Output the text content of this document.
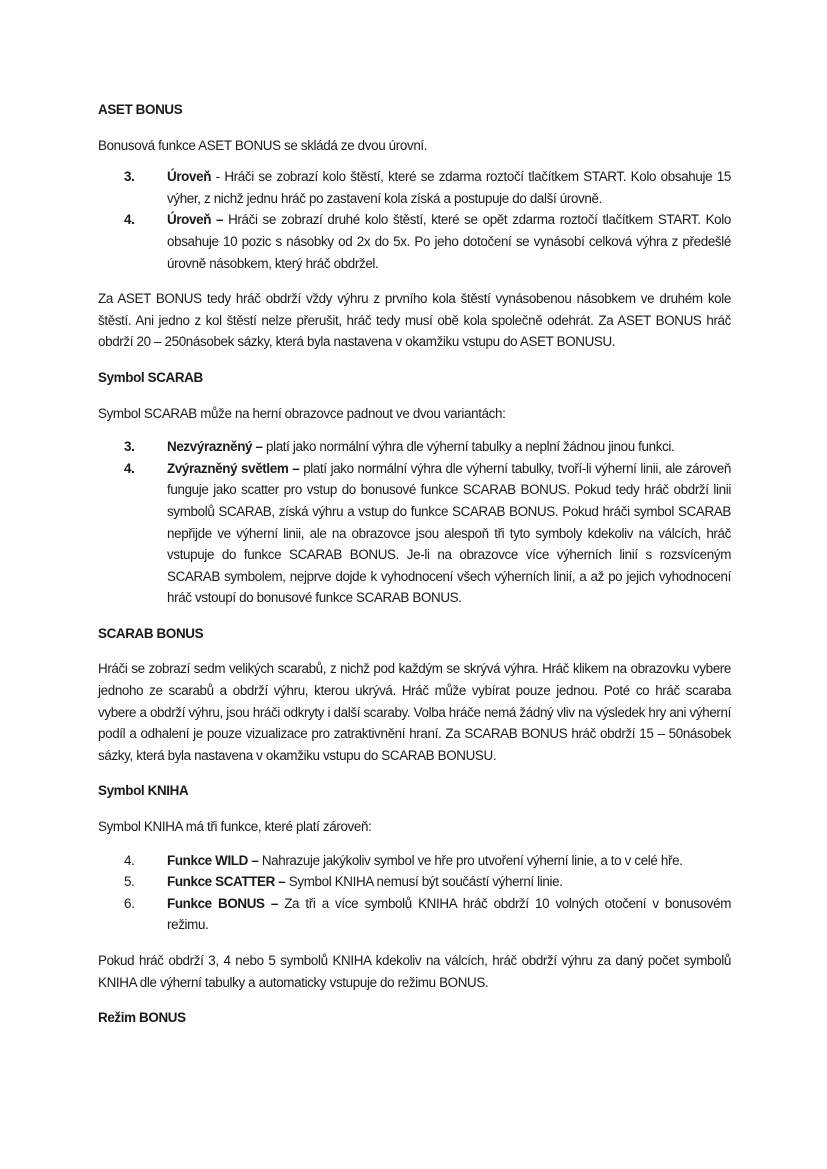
ASET BONUS

Bonusová funkce ASET BONUS se skládá ze dvou úrovní.

3.	Úroveň - Hráči se zobrazí kolo štěstí, které se zdarma roztočí tlačítkem START. Kolo obsahuje 15 výher, z nichž jednu hráč po zastavení kola získá a postupuje do další úrovně.
4.	Úroveň – Hráči se zobrazí druhé kolo štěstí, které se opět zdarma roztočí tlačítkem START. Kolo obsahuje 10 pozic s násobky od 2x do 5x. Po jeho dotočení se vynásobí celková výhra z předešlé úrovně násobkem, který hráč obdržel.

Za ASET BONUS tedy hráč obdrží vždy výhru z prvního kola štěstí vynásobenou násobkem ve druhém kole štěstí. Ani jedno z kol štěstí nelze přerušit, hráč tedy musí obě kola společně odehrát. Za ASET BONUS hráč obdrží 20 – 250násobek sázky, která byla nastavena v okamžiku vstupu do ASET BONUSU.

Symbol SCARAB

Symbol SCARAB může na herní obrazovce padnout ve dvou variantách:

3.	Nezvýrazněný – platí jako normální výhra dle výherní tabulky a neplní žádnou jinou funkci.
4.	Zvýrazněný světlem – platí jako normální výhra dle výherní tabulky, tvoří-li výherní linii, ale zároveň funguje jako scatter pro vstup do bonusové funkce SCARAB BONUS. Pokud tedy hráč obdrží linii symbolů SCARAB, získá výhru a vstup do funkce SCARAB BONUS. Pokud hráči symbol SCARAB nepřijde ve výherní linii, ale na obrazovce jsou alespoň tři tyto symboly kdekoliv na válcích, hráč vstupuje do funkce SCARAB BONUS. Je-li na obrazovce více výherních linií s rozsvíceným SCARAB symbolem, nejprve dojde k vyhodnocení všech výherních linií, a až po jejich vyhodnocení hráč vstoupí do bonusové funkce SCARAB BONUS.

SCARAB BONUS

Hráči se zobrazí sedm velikých scarabů, z nichž pod každým se skrývá výhra. Hráč klikem na obrazovku vybere jednoho ze scarabů a obdrží výhru, kterou ukrývá. Hráč může vybírat pouze jednou. Poté co hráč scaraba vybere a obdrží výhru, jsou hráči odkryty i další scaraby. Volba hráče nemá žádný vliv na výsledek hry ani výherní podíl a odhalení je pouze vizualizace pro zatraktivnění hraní. Za SCARAB BONUS hráč obdrží 15 – 50násobek sázky, která byla nastavena v okamžiku vstupu do SCARAB BONUSU.

Symbol KNIHA

Symbol KNIHA má tři funkce, které platí zároveň:

4.	Funkce WILD – Nahrazuje jakýkoliv symbol ve hře pro utvoření výherní linie, a to v celé hře.
5.	Funkce SCATTER – Symbol KNIHA nemusí být součástí výherní linie.
6.	Funkce BONUS – Za tři a více symbolů KNIHA hráč obdrží 10 volných otočení v bonusovém režimu.

Pokud hráč obdrží 3, 4 nebo 5 symbolů KNIHA kdekoliv na válcích, hráč obdrží výhru za daný počet symbolů KNIHA dle výherní tabulky a automaticky vstupuje do režimu BONUS.

Režim BONUS
